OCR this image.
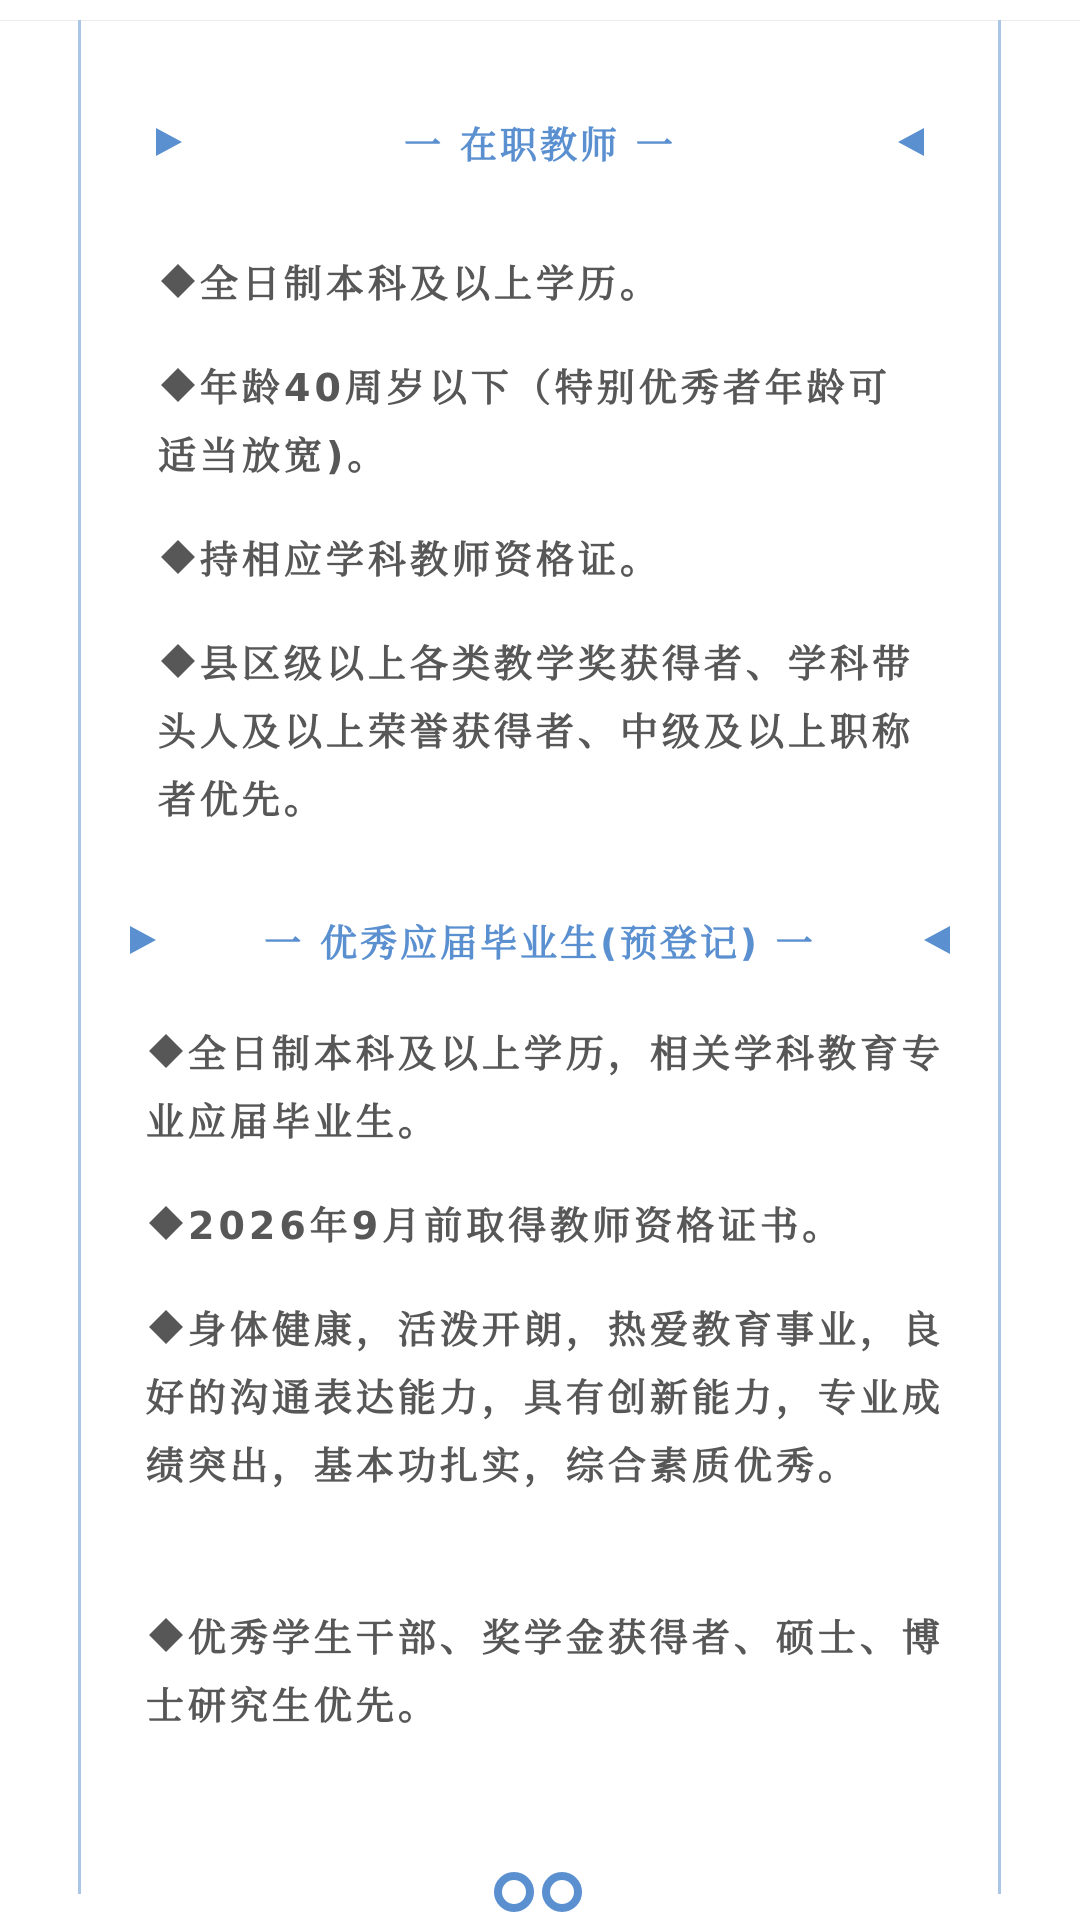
一 在职教师 一

全日制本科及以上学历。

年龄40周岁以下（特别优秀者年龄可适当放宽)。

持相应学科教师资格证。

县区级以上各类教学奖获得者、学科带头人及以上荣誉获得者、中级及以上职称者优先。

一 优秀应届毕业生(预登记) 一

全日制本科及以上学历，相关学科教育专业应届毕业生。

2026年9月前取得教师资格证书。

身体健康，活泼开朗，热爱教育事业，良好的沟通表达能力，具有创新能力，专业成绩突出，基本功扎实，综合素质优秀。

优秀学生干部、奖学金获得者、硕士、博士研究生优先。
